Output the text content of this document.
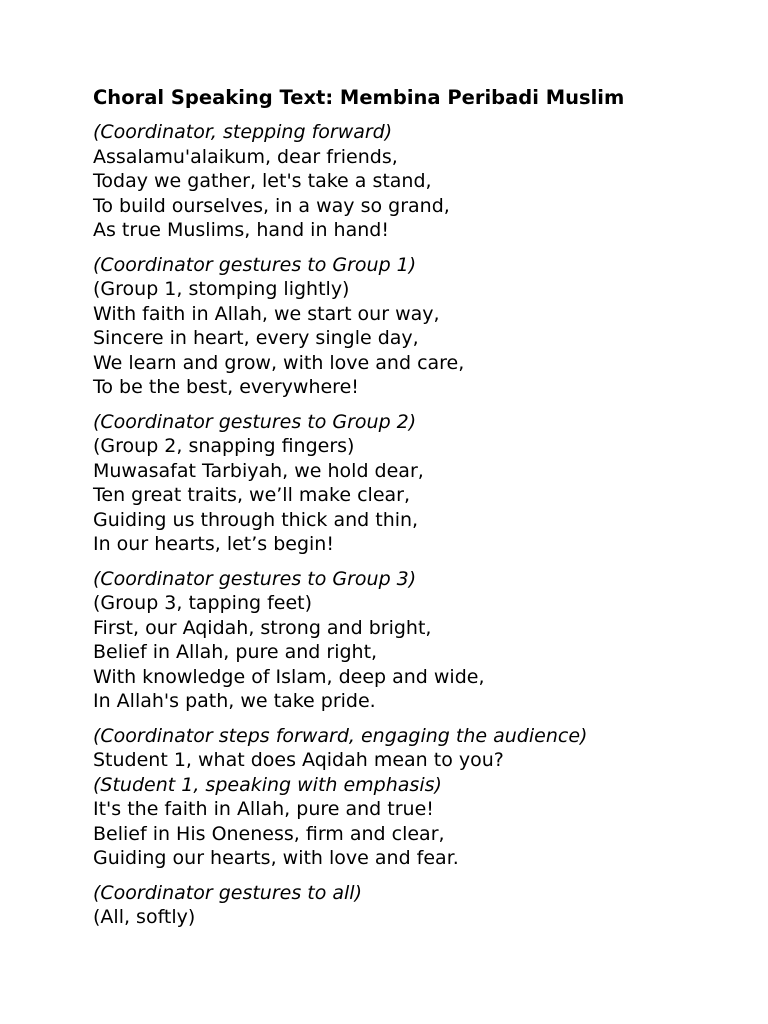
Choral Speaking Text: Membina Peribadi Muslim
(Coordinator, stepping forward)
Assalamu'alaikum, dear friends,
Today we gather, let's take a stand,
To build ourselves, in a way so grand,
As true Muslims, hand in hand!
(Coordinator gestures to Group 1)
(Group 1, stomping lightly)
With faith in Allah, we start our way,
Sincere in heart, every single day,
We learn and grow, with love and care,
To be the best, everywhere!
(Coordinator gestures to Group 2)
(Group 2, snapping fingers)
Muwasafat Tarbiyah, we hold dear,
Ten great traits, we’ll make clear,
Guiding us through thick and thin,
In our hearts, let’s begin!
(Coordinator gestures to Group 3)
(Group 3, tapping feet)
First, our Aqidah, strong and bright,
Belief in Allah, pure and right,
With knowledge of Islam, deep and wide,
In Allah's path, we take pride.
(Coordinator steps forward, engaging the audience)
Student 1, what does Aqidah mean to you?
(Student 1, speaking with emphasis)
It's the faith in Allah, pure and true!
Belief in His Oneness, firm and clear,
Guiding our hearts, with love and fear.
(Coordinator gestures to all)
(All, softly)
